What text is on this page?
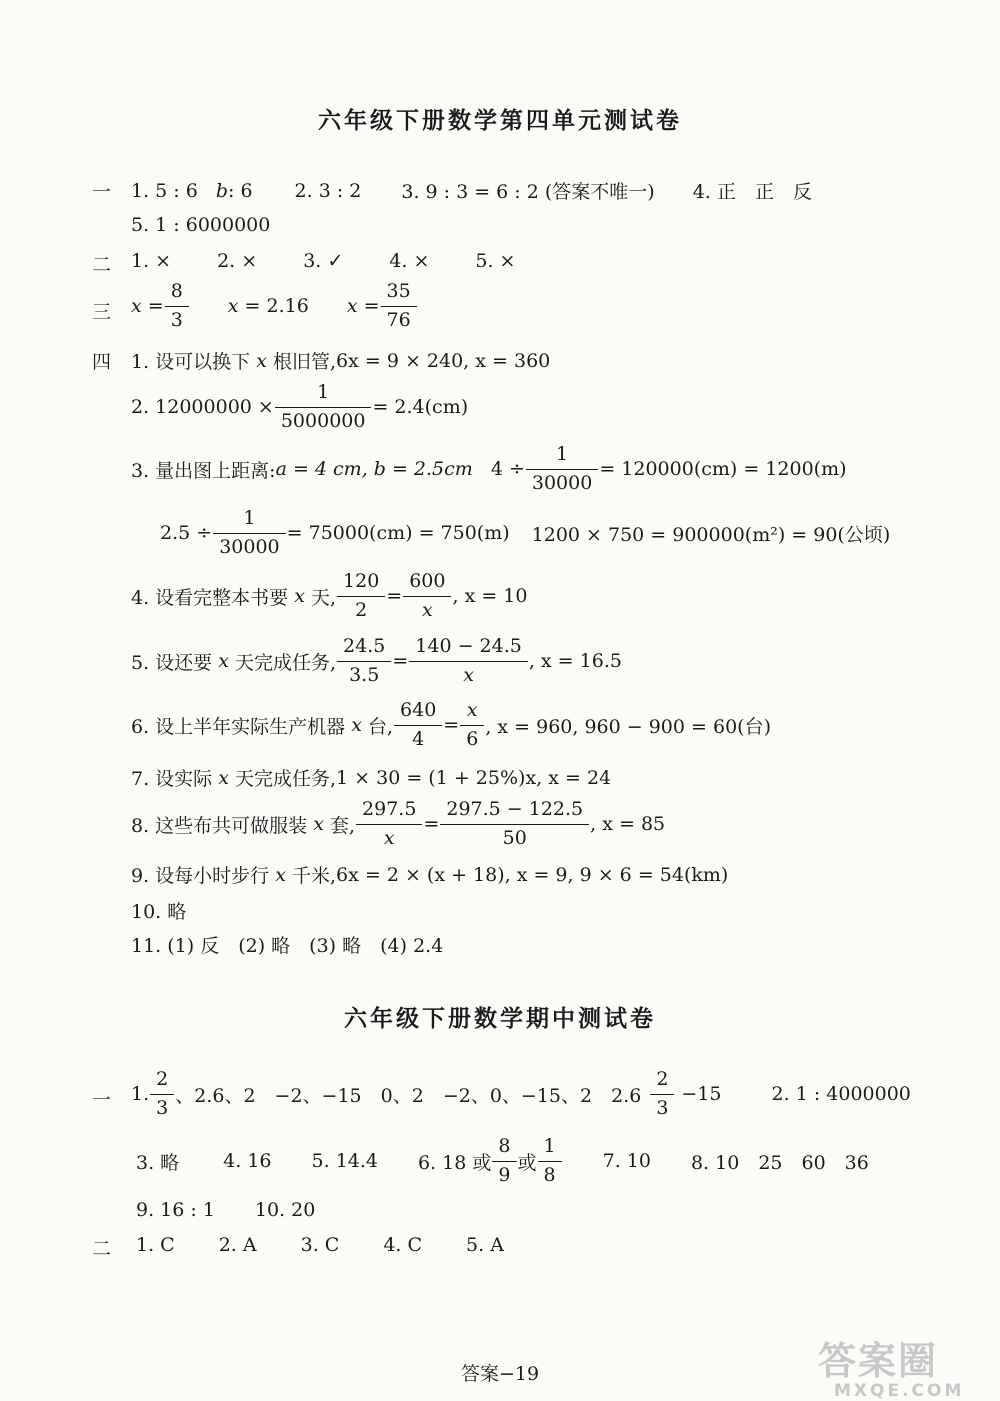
六年级下册数学第四单元测试卷
一 1. 5 : 6 b : 6 2. 3 : 2 3. 9 : 3 = 6 : 2 (答案不唯一) 4. 正　正　反
5. 1 : 6000000
二 1. × 2. × 3. ✓ 4. × 5. ×
三 $x = \frac{8}{3}$ x
= 2.16 $x = \frac{35}{76}$
四 1. 设可以换下
x
根旧管, 6x = 9 × 240, x = 360
2. $12000000 \times \frac{1}{5000000} = 2.4(cm)$
3. 量出图上距离: a = 4 cm, b = 2.5cm $4 \div \frac{1}{30000} = 120000(cm) = 1200(m)$
$2.5 \div \frac{1}{30000} = 75000(cm) = 750(m) 1200 \times 750 = 900000(m^2) = 90$(公顷)
4. 设看完整本书要
x
天, $\frac{120}{2} = \frac{600}{x}$ , x = 10
5. 设还要
x
天完成任务, $\frac{24.5}{3.5} = \frac{140 - 24.5}{x}$ , x = 16.5
6. 设上半年实际生产机器
x
台, $\frac{640}{4} = \frac{x}{6}$ , x = 960, 960 − 900 = 60(台)
7. 设实际
x
天完成任务, 1 × 30 = (1 + 25%)x, x = 24
8. 这些布共可做服装
x
套, $\frac{297.5}{x} = \frac{297.5 - 122.5}{50}$ , x = 85
9. 设每小时步行
x
千米, 6x = 2 × (x + 18), x = 9, 9 × 6 = 54(km)
10. 略
11. (1) 反　(2) 略　(3) 略　(4) 2.4
六年级下册数学期中测试卷
一 1. $\frac{2}{3}$ 、2.6、2　−2、−15　0、2　−2、0、−15、2　$2.6 \frac{2}{3} -15$	2. 1 : 4000000
3. 略 4. 16 5. 14.4 6. 18 或 $\frac{8}{9}$ 或 $\frac{1}{8} 7$. 10 8. 10　25　60　36
9. 16 : 1 10. 20
二 1. C 2. A 3. C 4. C 5. A
答案−19	答案圈
MXQE.COM
